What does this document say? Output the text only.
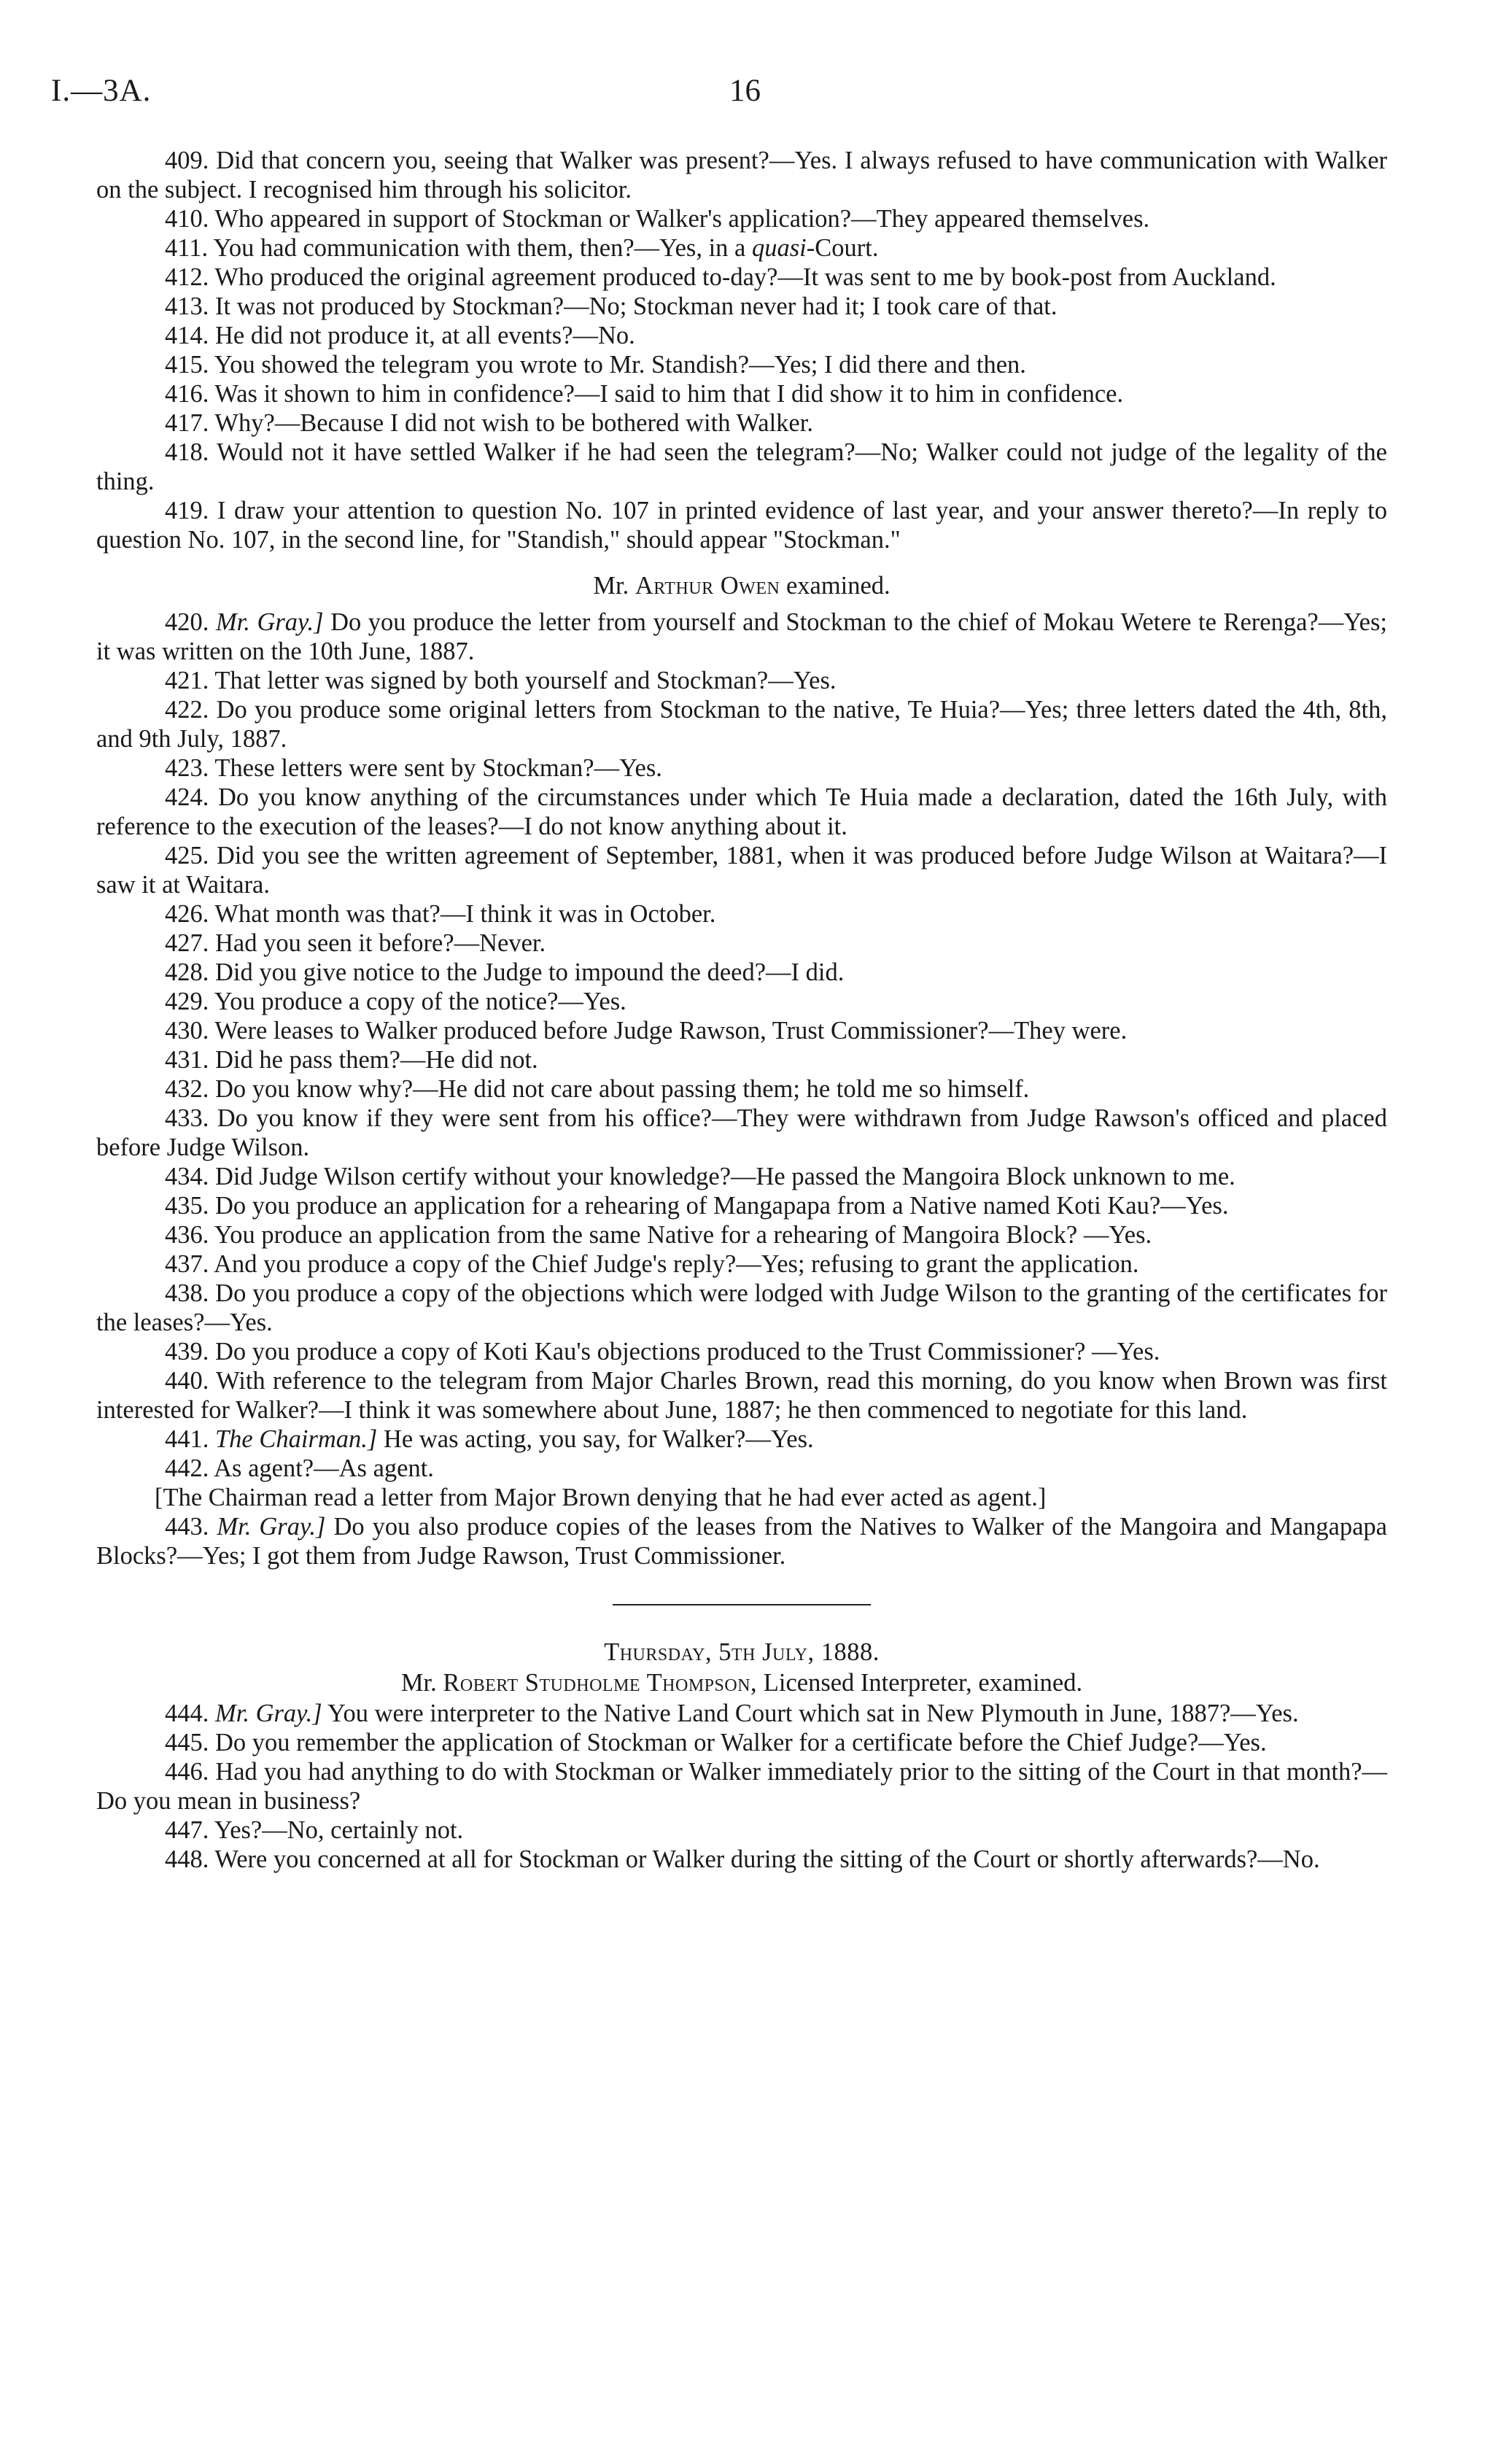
I.—3A.	16

409. Did that concern you, seeing that Walker was present?—Yes. I always refused to have communication with Walker on the subject. I recognised him through his solicitor.

410. Who appeared in support of Stockman or Walker's application?—They appeared themselves.

411. You had communication with them, then?—Yes, in a quasi-Court.

412. Who produced the original agreement produced to-day?—It was sent to me by book-post from Auckland.

413. It was not produced by Stockman?—No; Stockman never had it; I took care of that.

414. He did not produce it, at all events?—No.

415. You showed the telegram you wrote to Mr. Standish?—Yes; I did there and then.

416. Was it shown to him in confidence?—I said to him that I did show it to him in confidence.

417. Why?—Because I did not wish to be bothered with Walker.

418. Would not it have settled Walker if he had seen the telegram?—No; Walker could not judge of the legality of the thing.

419. I draw your attention to question No. 107 in printed evidence of last year, and your answer thereto?—In reply to question No. 107, in the second line, for "Standish," should appear "Stockman."

Mr. Arthur Owen examined.

420. Mr. Gray.] Do you produce the letter from yourself and Stockman to the chief of Mokau Wetere te Rerenga?—Yes; it was written on the 10th June, 1887.

421. That letter was signed by both yourself and Stockman?—Yes.

422. Do you produce some original letters from Stockman to the native, Te Huia?—Yes; three letters dated the 4th, 8th, and 9th July, 1887.

423. These letters were sent by Stockman?—Yes.

424. Do you know anything of the circumstances under which Te Huia made a declaration, dated the 16th July, with reference to the execution of the leases?—I do not know anything about it.

425. Did you see the written agreement of September, 1881, when it was produced before Judge Wilson at Waitara?—I saw it at Waitara.

426. What month was that?—I think it was in October.

427. Had you seen it before?—Never.

428. Did you give notice to the Judge to impound the deed?—I did.

429. You produce a copy of the notice?—Yes.

430. Were leases to Walker produced before Judge Rawson, Trust Commissioner?—They were.

431. Did he pass them?—He did not.

432. Do you know why?—He did not care about passing them; he told me so himself.

433. Do you know if they were sent from his office?—They were withdrawn from Judge Rawson's officed and placed before Judge Wilson.

434. Did Judge Wilson certify without your knowledge?—He passed the Mangoira Block unknown to me.

435. Do you produce an application for a rehearing of Mangapapa from a Native named Koti Kau?—Yes.

436. You produce an application from the same Native for a rehearing of Mangoira Block? —Yes.

437. And you produce a copy of the Chief Judge's reply?—Yes; refusing to grant the application.

438. Do you produce a copy of the objections which were lodged with Judge Wilson to the granting of the certificates for the leases?—Yes.

439. Do you produce a copy of Koti Kau's objections produced to the Trust Commissioner? —Yes.

440. With reference to the telegram from Major Charles Brown, read this morning, do you know when Brown was first interested for Walker?—I think it was somewhere about June, 1887; he then commenced to negotiate for this land.

441. The Chairman.] He was acting, you say, for Walker?—Yes.

442. As agent?—As agent.

[The Chairman read a letter from Major Brown denying that he had ever acted as agent.]

443. Mr. Gray.] Do you also produce copies of the leases from the Natives to Walker of the Mangoira and Mangapapa Blocks?—Yes; I got them from Judge Rawson, Trust Commissioner.

Thursday, 5th July, 1888.
Mr. Robert Studholme Thompson, Licensed Interpreter, examined.

444. Mr. Gray.] You were interpreter to the Native Land Court which sat in New Plymouth in June, 1887?—Yes.

445. Do you remember the application of Stockman or Walker for a certificate before the Chief Judge?—Yes.

446. Had you had anything to do with Stockman or Walker immediately prior to the sitting of the Court in that month?—Do you mean in business?

447. Yes?—No, certainly not.

448. Were you concerned at all for Stockman or Walker during the sitting of the Court or shortly afterwards?—No.
